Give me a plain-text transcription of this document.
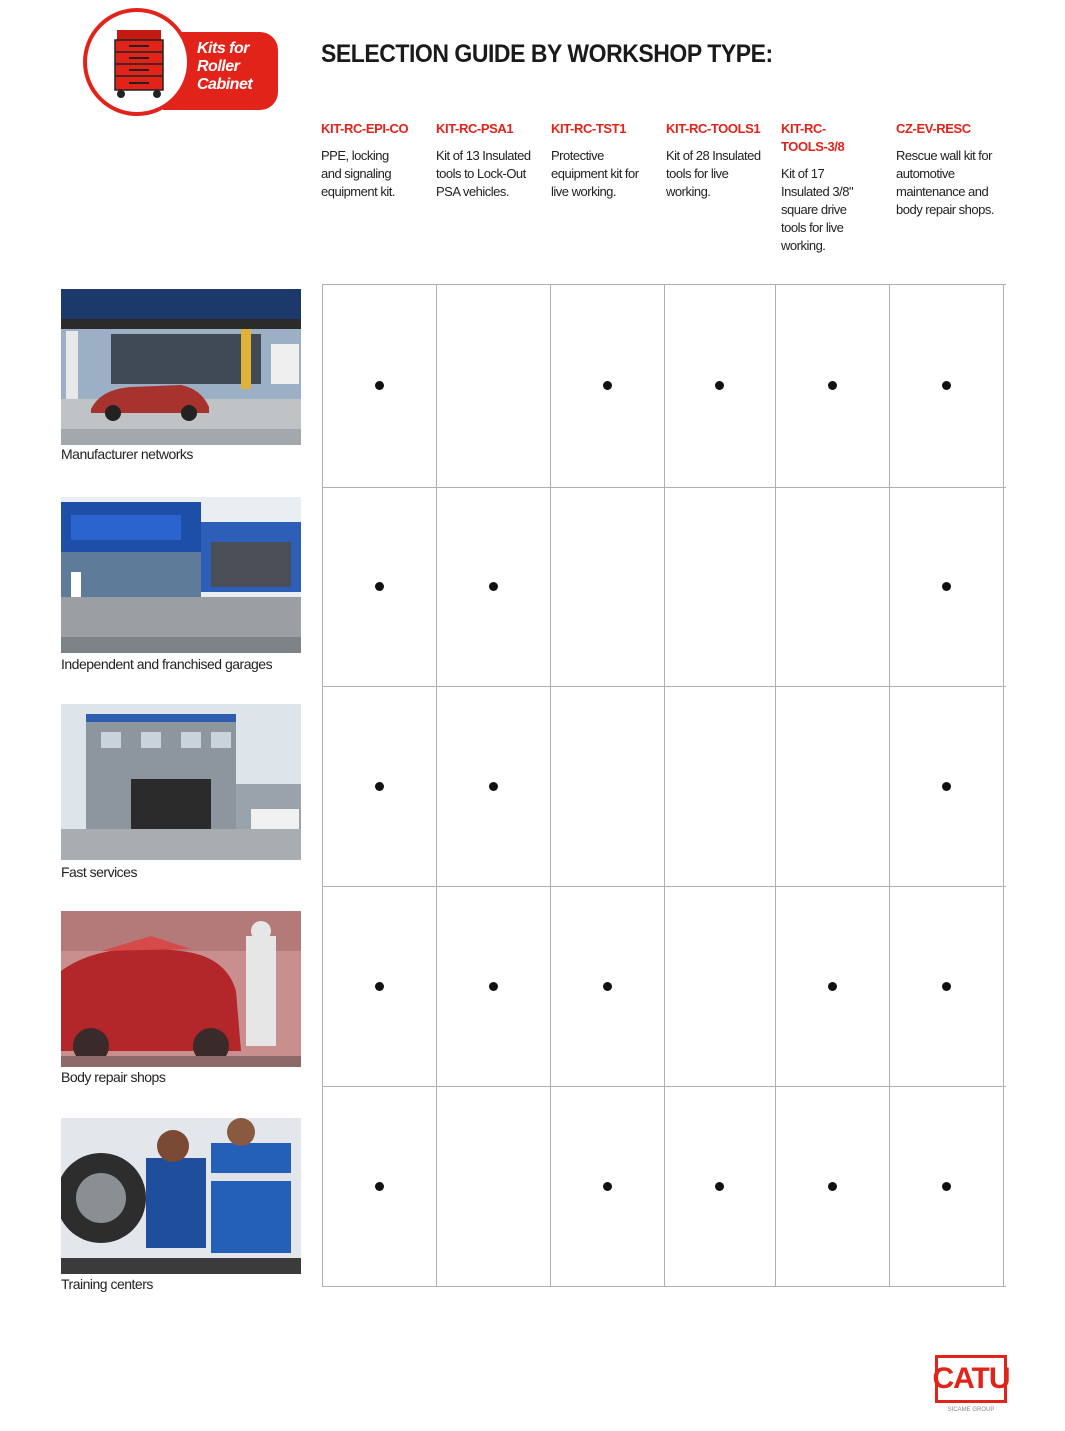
Kits for
Roller
Cabinet
SELECTION GUIDE BY WORKSHOP TYPE:
KIT-RC-EPI-CO
PPE, locking and signaling equipment kit.
KIT-RC-PSA1
Kit of 13 Insulated tools to Lock-Out PSA vehicles.
KIT-RC-TST1
Protective equipment kit for live working.
KIT-RC-TOOLS1
Kit of 28 Insulated tools for live working.
KIT-RC-TOOLS-3/8
Kit of 17 Insulated 3/8" square drive tools for live working.
CZ-EV-RESC
Rescue wall kit for automotive maintenance and body repair shops.
Manufacturer networks
Independent and franchised garages
Fast services
Body repair shops
Training centers
CATU
SICAME GROUP
